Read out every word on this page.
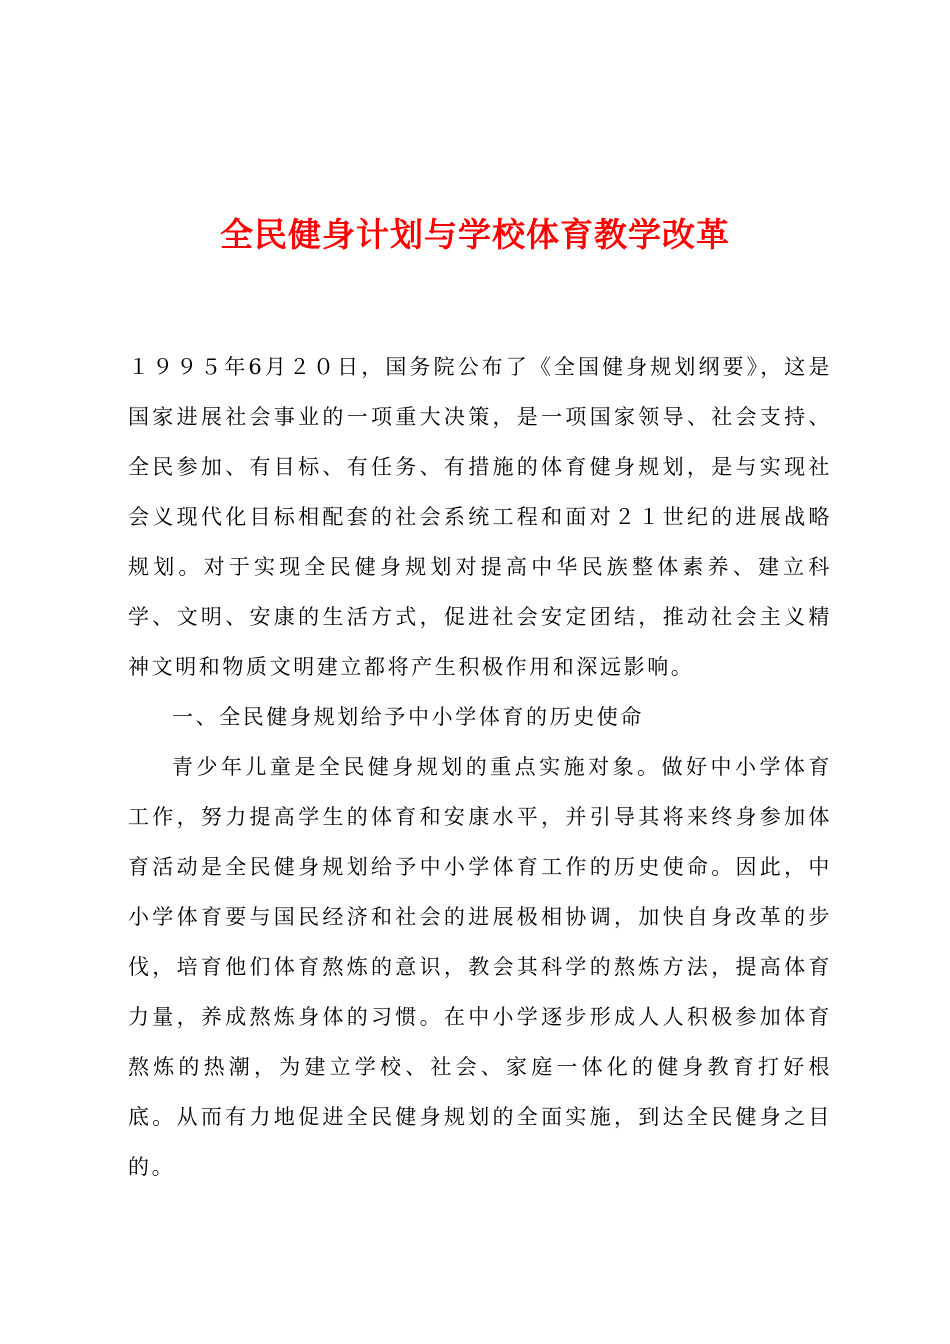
全民健身计划与学校体育教学改革

１９９５年6月２０日，国务院公布了《全国健身规划纲要》，这是国家进展社会事业的一项重大决策，是一项国家领导、社会支持、全民参加、有目标、有任务、有措施的体育健身规划，是与实现社会义现代化目标相配套的社会系统工程和面对２１世纪的进展战略规划。对于实现全民健身规划对提高中华民族整体素养、建立科学、文明、安康的生活方式，促进社会安定团结，推动社会主义精神文明和物质文明建立都将产生积极作用和深远影响。

一、全民健身规划给予中小学体育的历史使命

青少年儿童是全民健身规划的重点实施对象。做好中小学体育工作，努力提高学生的体育和安康水平，并引导其将来终身参加体育活动是全民健身规划给予中小学体育工作的历史使命。因此，中小学体育要与国民经济和社会的进展极相协调，加快自身改革的步伐，培育他们体育熬炼的意识，教会其科学的熬炼方法，提高体育力量，养成熬炼身体的习惯。在中小学逐步形成人人积极参加体育熬炼的热潮，为建立学校、社会、家庭一体化的健身教育打好根底。从而有力地促进全民健身规划的全面实施，到达全民健身之目的。
